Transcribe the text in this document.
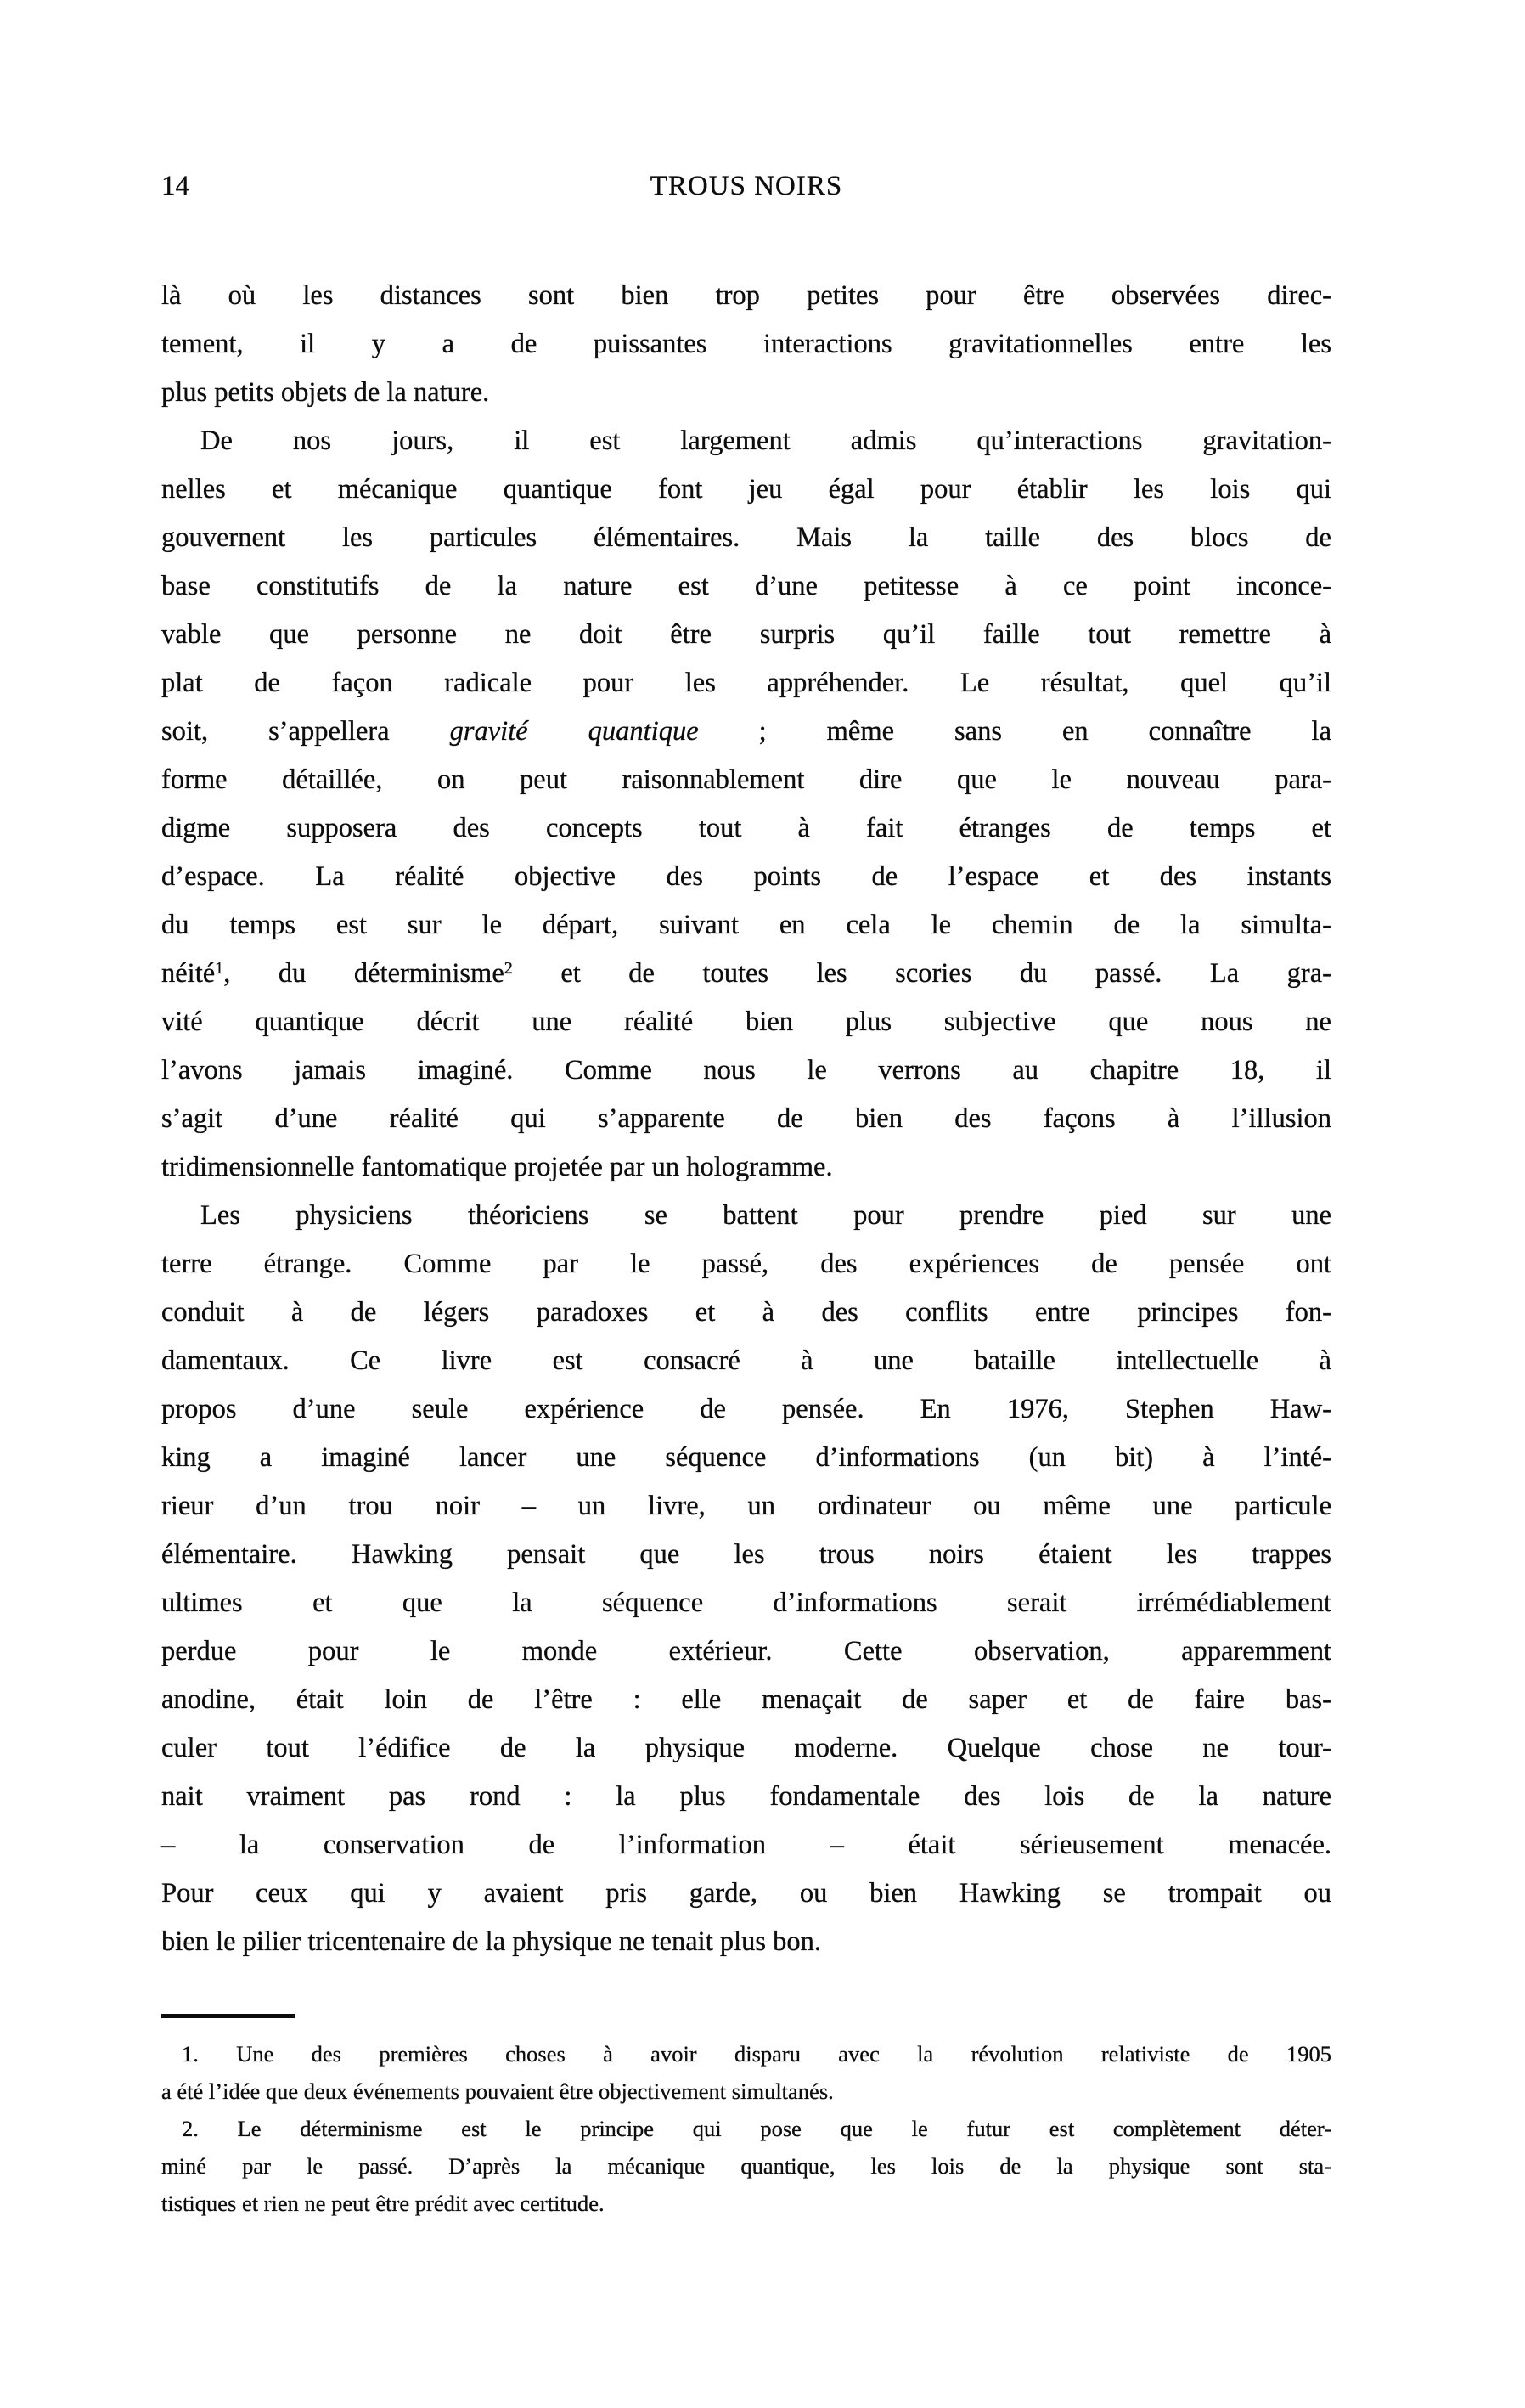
14	TROUS NOIRS
là où les distances sont bien trop petites pour être observées direc-
tement, il y a de puissantes interactions gravitationnelles entre les
plus petits objets de la nature.
De nos jours, il est largement admis qu’interactions gravitation-
nelles et mécanique quantique font jeu égal pour établir les lois qui
gouvernent les particules élémentaires. Mais la taille des blocs de
base constitutifs de la nature est d’une petitesse à ce point inconce-
vable que personne ne doit être surpris qu’il faille tout remettre à
plat de façon radicale pour les appréhender. Le résultat, quel qu’il
soit, s’appellera gravité quantique ; même sans en connaître la
forme détaillée, on peut raisonnablement dire que le nouveau para-
digme supposera des concepts tout à fait étranges de temps et
d’espace. La réalité objective des points de l’espace et des instants
du temps est sur le départ, suivant en cela le chemin de la simulta-
néité$^1$, du déterminisme$^2$ et de toutes les scories du passé. La gra-
vité quantique décrit une réalité bien plus subjective que nous ne
l’avons jamais imaginé. Comme nous le verrons au chapitre 18, il
s’agit d’une réalité qui s’apparente de bien des façons à l’illusion
tridimensionnelle fantomatique projetée par un hologramme.
Les physiciens théoriciens se battent pour prendre pied sur une
terre étrange. Comme par le passé, des expériences de pensée ont
conduit à de légers paradoxes et à des conflits entre principes fon-
damentaux. Ce livre est consacré à une bataille intellectuelle à
propos d’une seule expérience de pensée. En 1976, Stephen Haw-
king a imaginé lancer une séquence d’informations (un bit) à l’inté-
rieur d’un trou noir – un livre, un ordinateur ou même une particule
élémentaire. Hawking pensait que les trous noirs étaient les trappes
ultimes et que la séquence d’informations serait irrémédiablement
perdue pour le monde extérieur. Cette observation, apparemment
anodine, était loin de l’être : elle menaçait de saper et de faire bas-
culer tout l’édifice de la physique moderne. Quelque chose ne tour-
nait vraiment pas rond : la plus fondamentale des lois de la nature
– la conservation de l’information – était sérieusement menacée.
Pour ceux qui y avaient pris garde, ou bien Hawking se trompait ou
bien le pilier tricentenaire de la physique ne tenait plus bon.
1. Une des premières choses à avoir disparu avec la révolution relativiste de 1905
a été l’idée que deux événements pouvaient être objectivement simultanés.
2. Le déterminisme est le principe qui pose que le futur est complètement déter-
miné par le passé. D’après la mécanique quantique, les lois de la physique sont sta-
tistiques et rien ne peut être prédit avec certitude.
